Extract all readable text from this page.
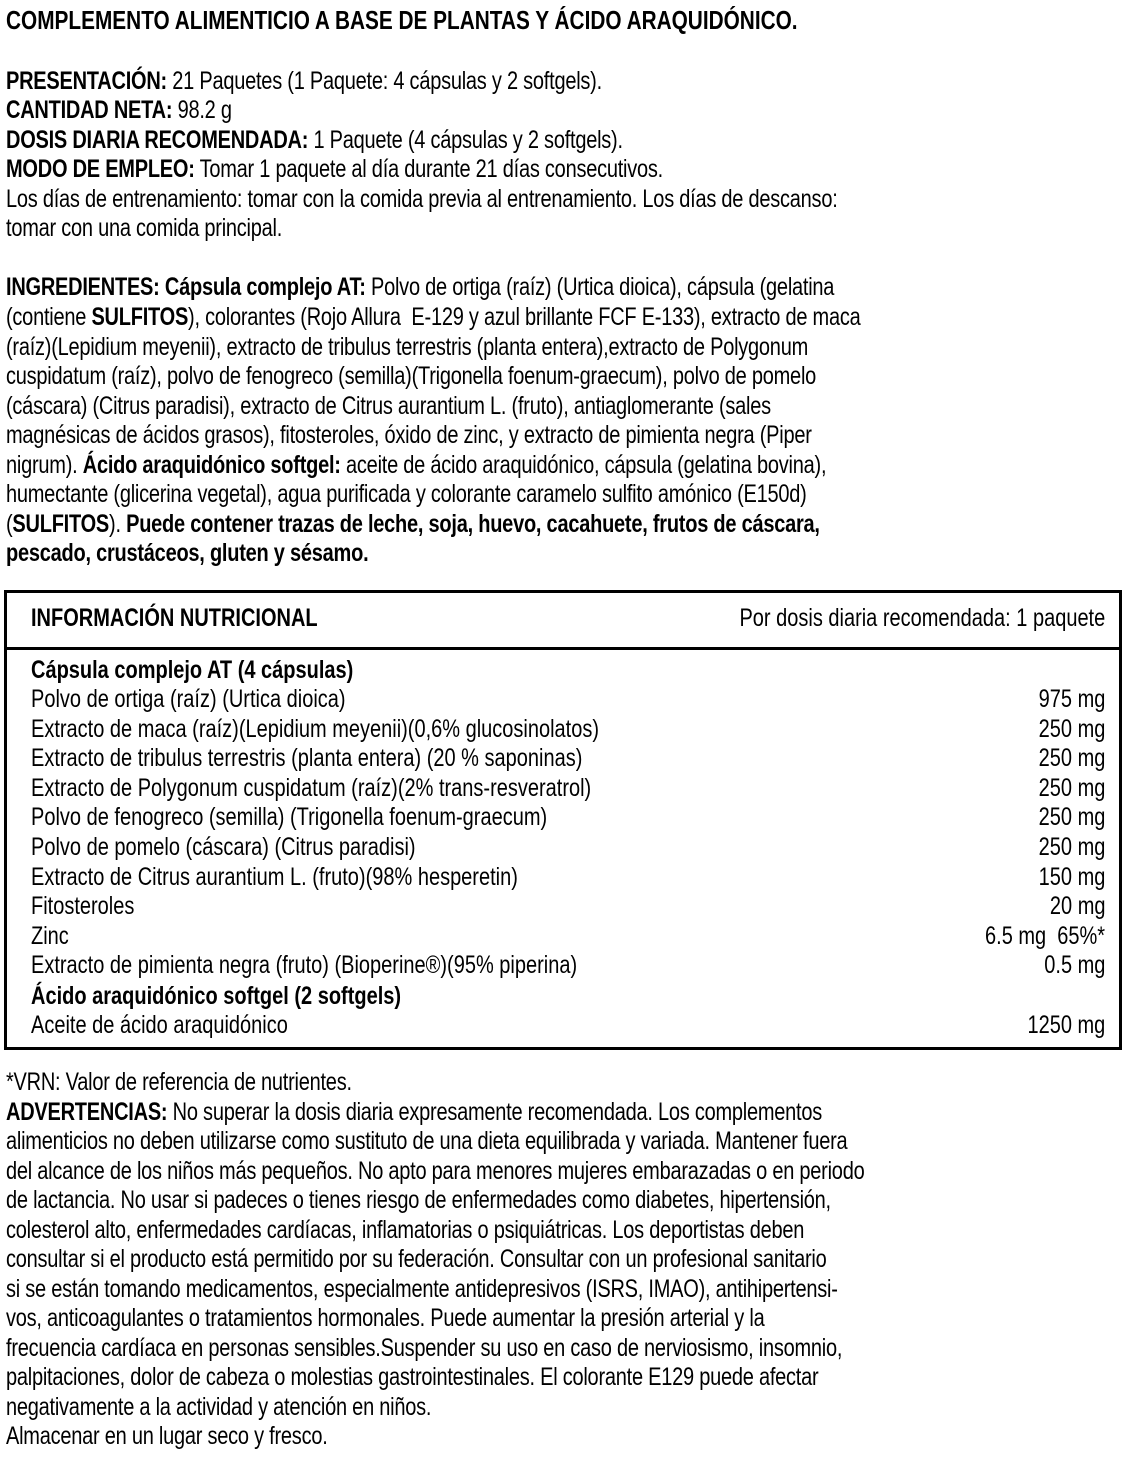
COMPLEMENTO ALIMENTICIO A BASE DE PLANTAS Y ÁCIDO ARAQUIDÓNICO.
PRESENTACIÓN: 21 Paquetes (1 Paquete: 4 cápsulas y 2 softgels).
CANTIDAD NETA: 98.2 g
DOSIS DIARIA RECOMENDADA: 1 Paquete (4 cápsulas y 2 softgels).
MODO DE EMPLEO: Tomar 1 paquete al día durante 21 días consecutivos.
Los días de entrenamiento: tomar con la comida previa al entrenamiento. Los días de descanso:
tomar con una comida principal.
INGREDIENTES: Cápsula complejo AT: Polvo de ortiga (raíz) (Urtica dioica), cápsula (gelatina
(contiene SULFITOS), colorantes (Rojo Allura  E-129 y azul brillante FCF E-133), extracto de maca
(raíz)(Lepidium meyenii), extracto de tribulus terrestris (planta entera),extracto de Polygonum
cuspidatum (raíz), polvo de fenogreco (semilla)(Trigonella foenum-graecum), polvo de pomelo
(cáscara) (Citrus paradisi), extracto de Citrus aurantium L. (fruto), antiaglomerante (sales
magnésicas de ácidos grasos), fitosteroles, óxido de zinc, y extracto de pimienta negra (Piper
nigrum). Ácido araquidónico softgel: aceite de ácido araquidónico, cápsula (gelatina bovina),
humectante (glicerina vegetal), agua purificada y colorante caramelo sulfito amónico (E150d)
(SULFITOS). Puede contener trazas de leche, soja, huevo, cacahuete, frutos de cáscara,
pescado, crustáceos, gluten y sésamo.
INFORMACIÓN NUTRICIONAL	Por dosis diaria recomendada: 1 paquete
Cápsula complejo AT (4 cápsulas)
Polvo de ortiga (raíz) (Urtica dioica)	975 mg
Extracto de maca (raíz)(Lepidium meyenii)(0,6% glucosinolatos)	250 mg
Extracto de tribulus terrestris (planta entera) (20 % saponinas)	250 mg
Extracto de Polygonum cuspidatum (raíz)(2% trans-resveratrol)	250 mg
Polvo de fenogreco (semilla) (Trigonella foenum-graecum)	250 mg
Polvo de pomelo (cáscara) (Citrus paradisi)	250 mg
Extracto de Citrus aurantium L. (fruto)(98% hesperetin)	150 mg
Fitosteroles	20 mg
Zinc	6.5 mg  65%*
Extracto de pimienta negra (fruto) (Bioperine®)(95% piperina)	0.5 mg
Ácido araquidónico softgel (2 softgels)
Aceite de ácido araquidónico	1250 mg
*VRN: Valor de referencia de nutrientes.
ADVERTENCIAS: No superar la dosis diaria expresamente recomendada. Los complementos
alimenticios no deben utilizarse como sustituto de una dieta equilibrada y variada. Mantener fuera
del alcance de los niños más pequeños. No apto para menores mujeres embarazadas o en periodo
de lactancia. No usar si padeces o tienes riesgo de enfermedades como diabetes, hipertensión,
colesterol alto, enfermedades cardíacas, inflamatorias o psiquiátricas. Los deportistas deben
consultar si el producto está permitido por su federación. Consultar con un profesional sanitario
si se están tomando medicamentos, especialmente antidepresivos (ISRS, IMAO), antihipertensi-
vos, anticoagulantes o tratamientos hormonales. Puede aumentar la presión arterial y la
frecuencia cardíaca en personas sensibles.Suspender su uso en caso de nerviosismo, insomnio,
palpitaciones, dolor de cabeza o molestias gastrointestinales. El colorante E129 puede afectar
negativamente a la actividad y atención en niños.
Almacenar en un lugar seco y fresco.
